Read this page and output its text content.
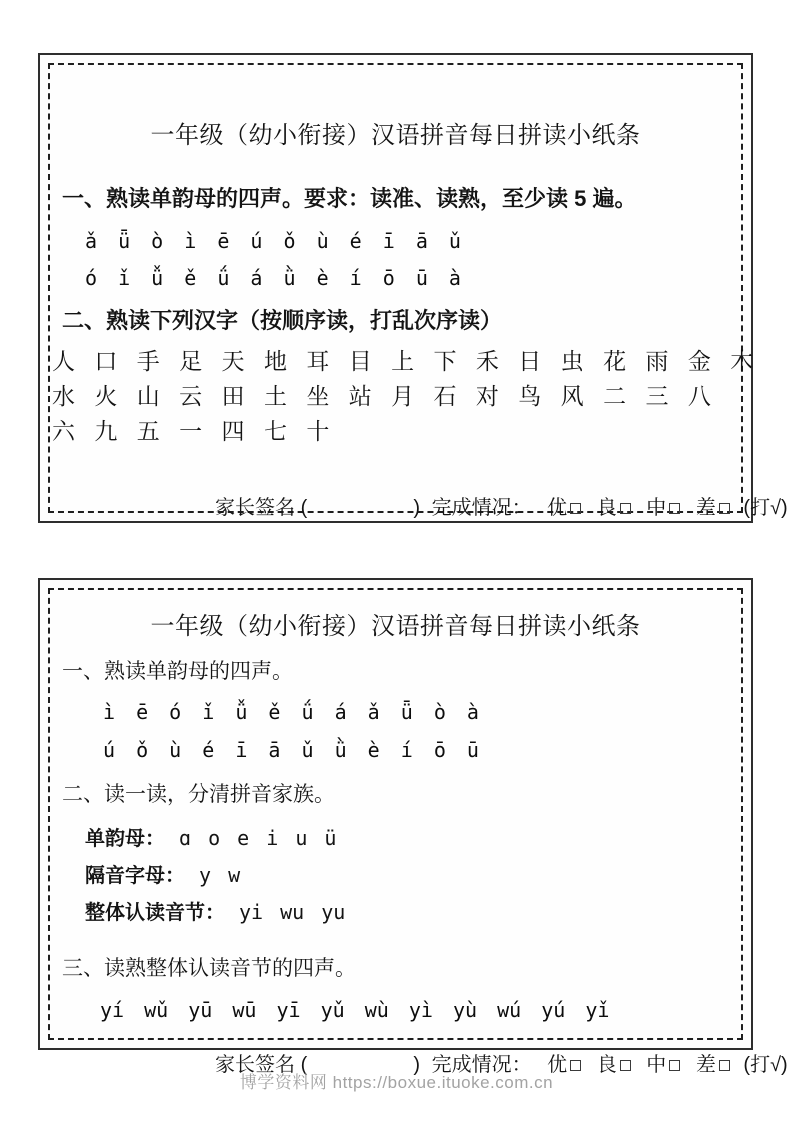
一年级（幼小衔接）汉语拼音每日拼读小纸条
一、熟读单韵母的四声。要求：读准、读熟，至少读 5 遍。
ǎ ǖ ò ì ē ú ǒ ù é ī ā ǔ
ó ǐ ǚ ě ǘ á ǜ è í ō ū à
二、熟读下列汉字（按顺序读，打乱次序读）
人 口 手 足 天 地 耳 目 上 下 禾 日 虫 花 雨 金 木
水 火 山 云 田 土 坐 站 月 石 对 鸟 风 二 三 八
六 九 五 一 四 七 十
家长签名 (	) 完成情况： 优 良 中 差 (打√)
一年级（幼小衔接）汉语拼音每日拼读小纸条
一、熟读单韵母的四声。
ì ē ó ǐ ǚ ě ǘ á ǎ ǖ ò à
ú ǒ ù é ī ā ǔ ǜ è í ō ū
二、读一读，分清拼音家族。
单韵母： ɑ o e i u ü
隔音字母： y w
整体认读音节： yi wu yu
三、读熟整体认读音节的四声。
yí wǔ yū wū yī yǔ wù yì yù wú yú yǐ
家长签名 (	) 完成情况： 优 良 中 差 (打√)
博学资料网 https://boxue.ituoke.com.cn
